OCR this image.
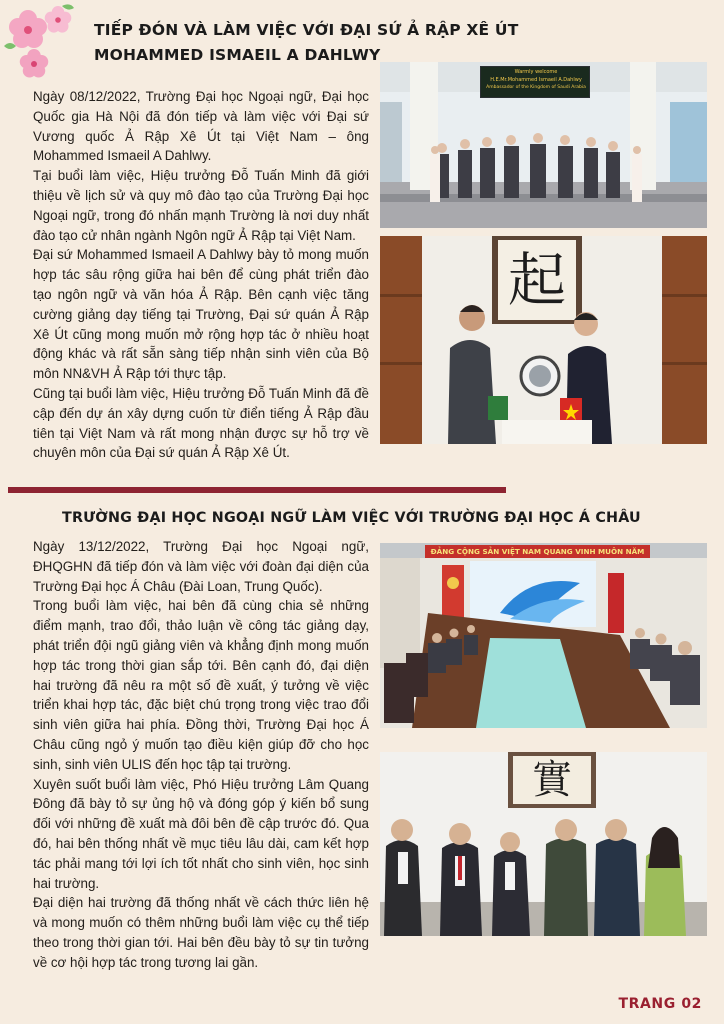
TIẾP ĐÓN VÀ LÀM VIỆC VỚI ĐẠI SỨ Ả RẬP XÊ ÚT
MOHAMMED ISMAEIL A DAHLWY

Ngày 08/12/2022, Trường Đại học Ngoại ngữ, Đại học Quốc gia Hà Nội đã đón tiếp và làm việc với Đại sứ Vương quốc Ả Rập Xê Út tại Việt Nam – ông Mohammed Ismaeil A Dahlwy.

Tại buổi làm việc, Hiệu trưởng Đỗ Tuấn Minh đã giới thiệu về lịch sử và quy mô đào tạo của Trường Đại học Ngoại ngữ, trong đó nhấn mạnh Trường là nơi duy nhất đào tạo cử nhân ngành Ngôn ngữ Ả Rập tại Việt Nam.

Đại sứ Mohammed Ismaeil A Dahlwy bày tỏ mong muốn hợp tác sâu rộng giữa hai bên để cùng phát triển đào tạo ngôn ngữ và văn hóa Ả Rập. Bên cạnh việc tăng cường giảng dạy tiếng tại Trường, Đại sứ quán Ả Rập Xê Út cũng mong muốn mở rộng hợp tác ở nhiều hoạt động khác và rất sẵn sàng tiếp nhận sinh viên của Bộ môn NN&VH Ả Rập tới thực tập.

Cũng tại buổi làm việc, Hiệu trưởng Đỗ Tuấn Minh đã đề cập đến dự án xây dựng cuốn từ điển tiếng Ả Rập đầu tiên tại Việt Nam và rất mong nhận được sự hỗ trợ về chuyên môn của Đại sứ quán Ả Rập Xê Út.

Warmly welcome
H.E.Mr.Mohammed Ismaeil A.Dahlwy
Ambassador of the Kingdom of Saudi Arabia
起
TRƯỜNG ĐẠI HỌC NGOẠI NGỮ LÀM VIỆC VỚI TRƯỜNG ĐẠI HỌC Á CHÂU

Ngày 13/12/2022, Trường Đại học Ngoại ngữ, ĐHQGHN đã tiếp đón và làm việc với đoàn đại diện của Trường Đại học Á Châu (Đài Loan, Trung Quốc).

Trong buổi làm việc, hai bên đã cùng chia sẻ những điểm mạnh, trao đổi, thảo luận về công tác giảng dạy, phát triển đội ngũ giảng viên và khẳng định mong muốn hợp tác trong thời gian sắp tới. Bên cạnh đó, đại diện hai trường đã nêu ra một số đề xuất, ý tưởng về việc triển khai hợp tác, đặc biệt chú trọng trong việc trao đổi sinh viên giữa hai phía. Đồng thời, Trường Đại học Á Châu cũng ngỏ ý muốn tạo điều kiện giúp đỡ cho học sinh, sinh viên ULIS đến học tập tại trường.

Xuyên suốt buổi làm việc, Phó Hiệu trưởng Lâm Quang Đông đã bày tỏ sự ủng hộ và đóng góp ý kiến bổ sung đối với những đề xuất mà đôi bên đề cập trước đó. Qua đó, hai bên thống nhất về mục tiêu lâu dài, cam kết hợp tác phải mang tới lợi ích tốt nhất cho sinh viên, học sinh hai trường.

Đại diện hai trường đã thống nhất về cách thức liên hệ và mong muốn có thêm những buổi làm việc cụ thể tiếp theo trong thời gian tới. Hai bên đều bày tỏ sự tin tưởng về cơ hội hợp tác trong tương lai gần.

ĐẢNG CỘNG SẢN VIỆT NAM QUANG VINH MUÔN NĂM
實
TRANG 02
